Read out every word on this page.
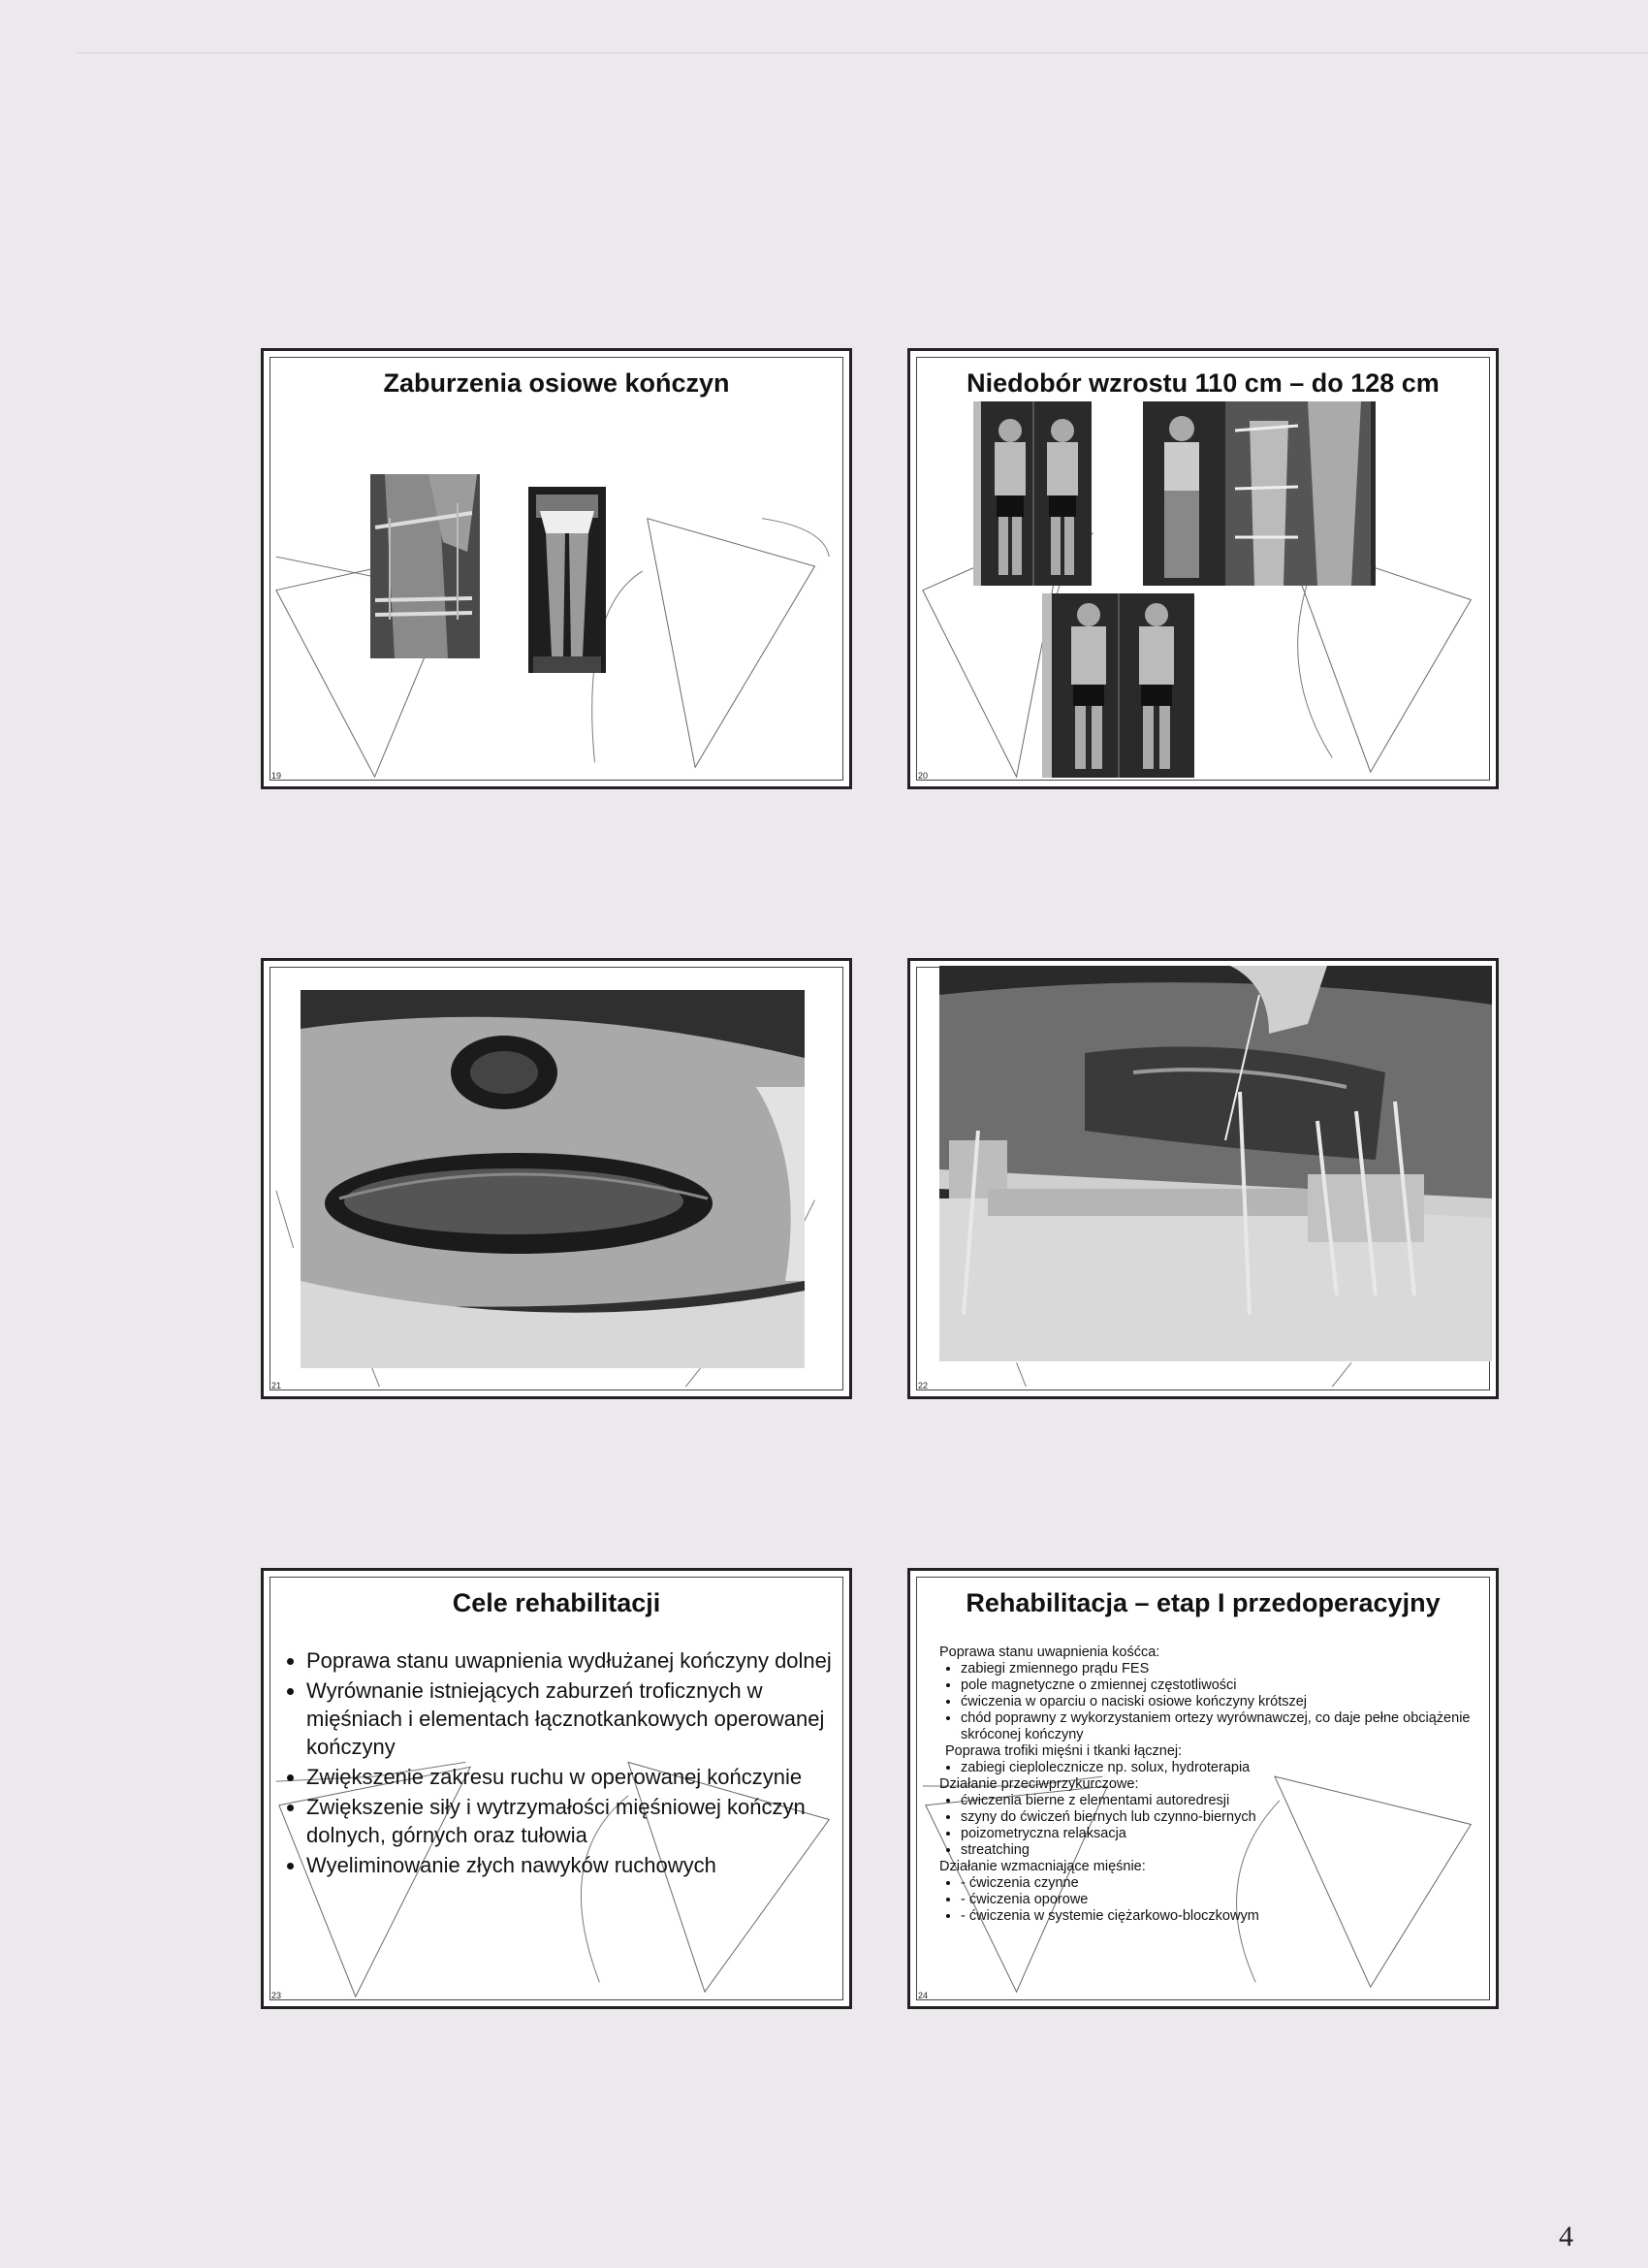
Zaburzenia osiowe kończyn
19
Niedobór wzrostu 110 cm – do 128 cm
20
21	22
Cele rehabilitacji
• Poprawa stanu uwapnienia wydłużanej kończyny dolnej
• Wyrównanie istniejących zaburzeń troficznych w mięśniach i elementach łącznotkankowych operowanej kończyny
• Zwiększenie zakresu ruchu w operowanej kończynie
• Zwiększenie siły i wytrzymałości mięśniowej kończyn dolnych, górnych oraz tułowia
• Wyeliminowanie złych nawyków ruchowych
23
Rehabilitacja – etap I przedoperacyjny

Poprawa stanu uwapnienia kośćca:

• zabiegi zmiennego prądu FES
• pole magnetyczne o zmiennej częstotliwości
• ćwiczenia w oparciu o naciski osiowe kończyny krótszej
• chód poprawny z wykorzystaniem ortezy wyrównawczej, co daje pełne obciążenie skróconej kończyny

Poprawa trofiki mięśni i tkanki łącznej:

• zabiegi cieplolecznicze np. solux, hydroterapia

Działanie przeciwprzykurczowe:

• ćwiczenia bierne z elementami autoredresji
• szyny do ćwiczeń biernych lub czynno-biernych
• poizometryczna relaksacja
• streatching

Działanie wzmacniające mięśnie:

• - ćwiczenia czynne
• - ćwiczenia oporowe
• - ćwiczenia w systemie ciężarkowo-bloczkowym
24
4
